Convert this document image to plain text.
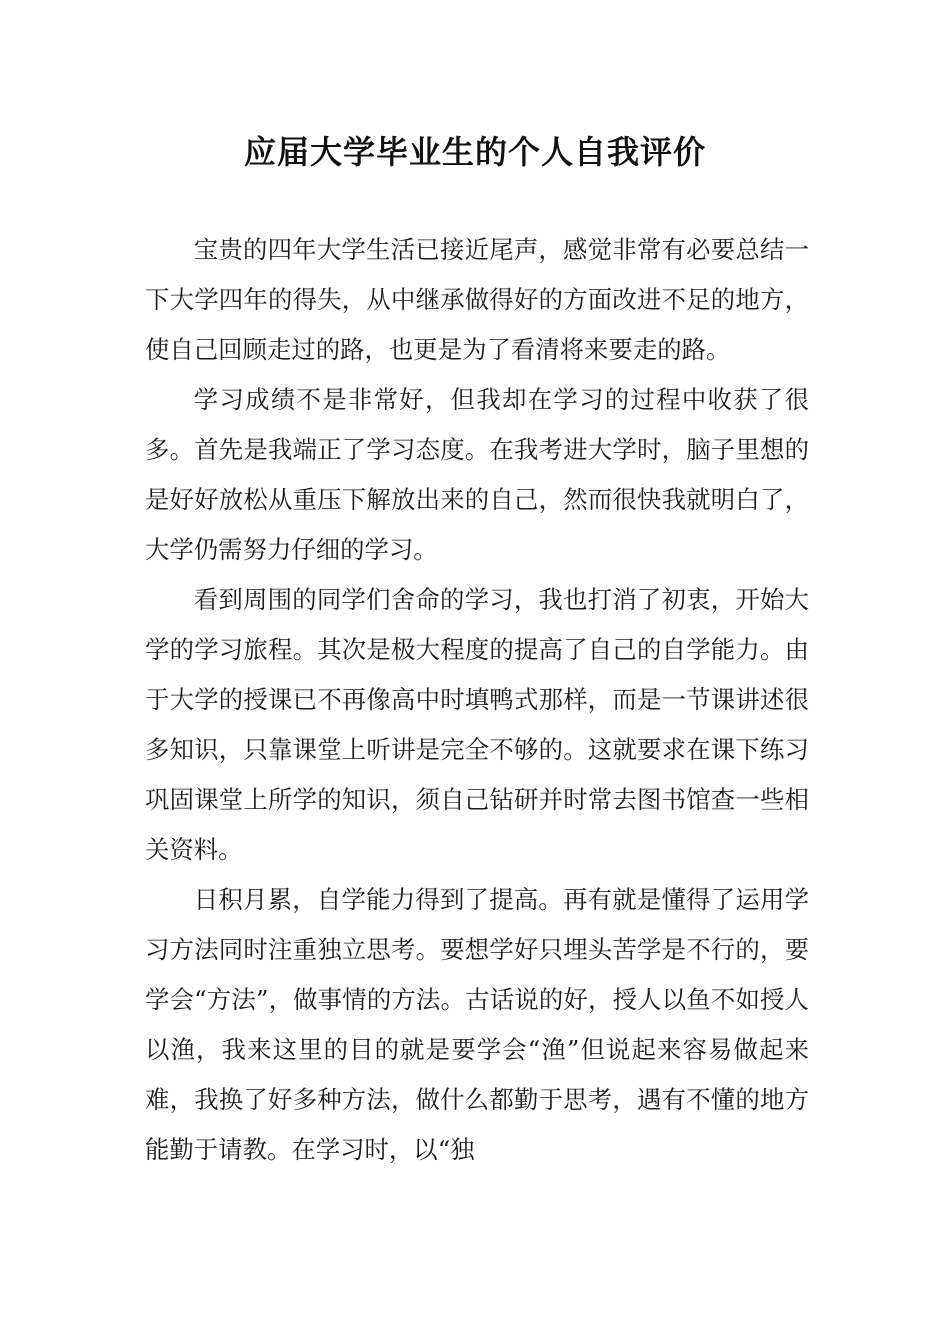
应届大学毕业生的个人自我评价

宝贵的四年大学生活已接近尾声，感觉非常有必要总结一下大学四年的得失，从中继承做得好的方面改进不足的地方，使自己回顾走过的路，也更是为了看清将来要走的路。

学习成绩不是非常好，但我却在学习的过程中收获了很多。首先是我端正了学习态度。在我考进大学时，脑子里想的是好好放松从重压下解放出来的自己，然而很快我就明白了，大学仍需努力仔细的学习。

看到周围的同学们舍命的学习，我也打消了初衷，开始大学的学习旅程。其次是极大程度的提高了自己的自学能力。由于大学的授课已不再像高中时填鸭式那样，而是一节课讲述很多知识，只靠课堂上听讲是完全不够的。这就要求在课下练习巩固课堂上所学的知识，须自己钻研并时常去图书馆查一些相关资料。

日积月累，自学能力得到了提高。再有就是懂得了运用学习方法同时注重独立思考。要想学好只埋头苦学是不行的，要学会“方法”，做事情的方法。古话说的好，授人以鱼不如授人以渔，我来这里的目的就是要学会“渔”但说起来容易做起来难，我换了好多种方法，做什么都勤于思考，遇有不懂的地方能勤于请教。在学习时，以“独
